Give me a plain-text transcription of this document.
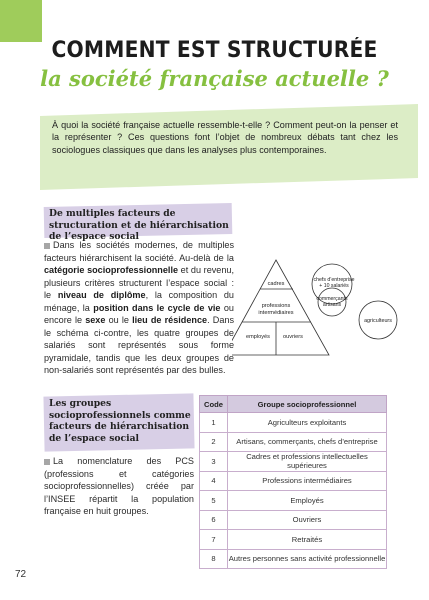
COMMENT EST STRUCTURÉE
la société française actuelle ?
À quoi la société française actuelle ressemble-t-elle ? Comment peut-on la penser et la représenter ? Ces questions font l’objet de nombreux débats tant chez les sociologues classiques que dans les analyses plus contemporaines.
De multiples facteurs de structuration et de hiérarchisation de l’espace social
Dans les sociétés modernes, de multiples facteurs hiérarchisent la société. Au-delà de la catégorie socioprofessionnelle et du revenu, plusieurs critères structurent l’espace social : le niveau de diplôme, la composition du ménage, la position dans le cycle de vie ou encore le sexe ou le lieu de résidence. Dans le schéma ci-contre, les quatre groupes de salariés sont représentés sous forme pyramidale, tandis que les deux groupes de non-salariés sont représentés par des bulles.
cadres
professions
intermédiaires
employés ouvriers
chefs d’entreprise
+ 10 salariés
commerçants
artisans
agriculteurs
Les groupes socioprofessionnels comme facteurs de hiérarchisation de l’espace social
La nomenclature des PCS (professions et catégories socioprofessionnelles) créée par l’INSEE répartit la population française en huit groupes.
Code	Groupe socioprofessionnel
1	Agriculteurs exploitants
2	Artisans, commerçants, chefs d’entreprise
3	Cadres et professions intellectuelles supérieures
4	Professions intermédiaires
5	Employés
6	Ouvriers
7	Retraités
8	Autres personnes sans activité professionnelle
72
